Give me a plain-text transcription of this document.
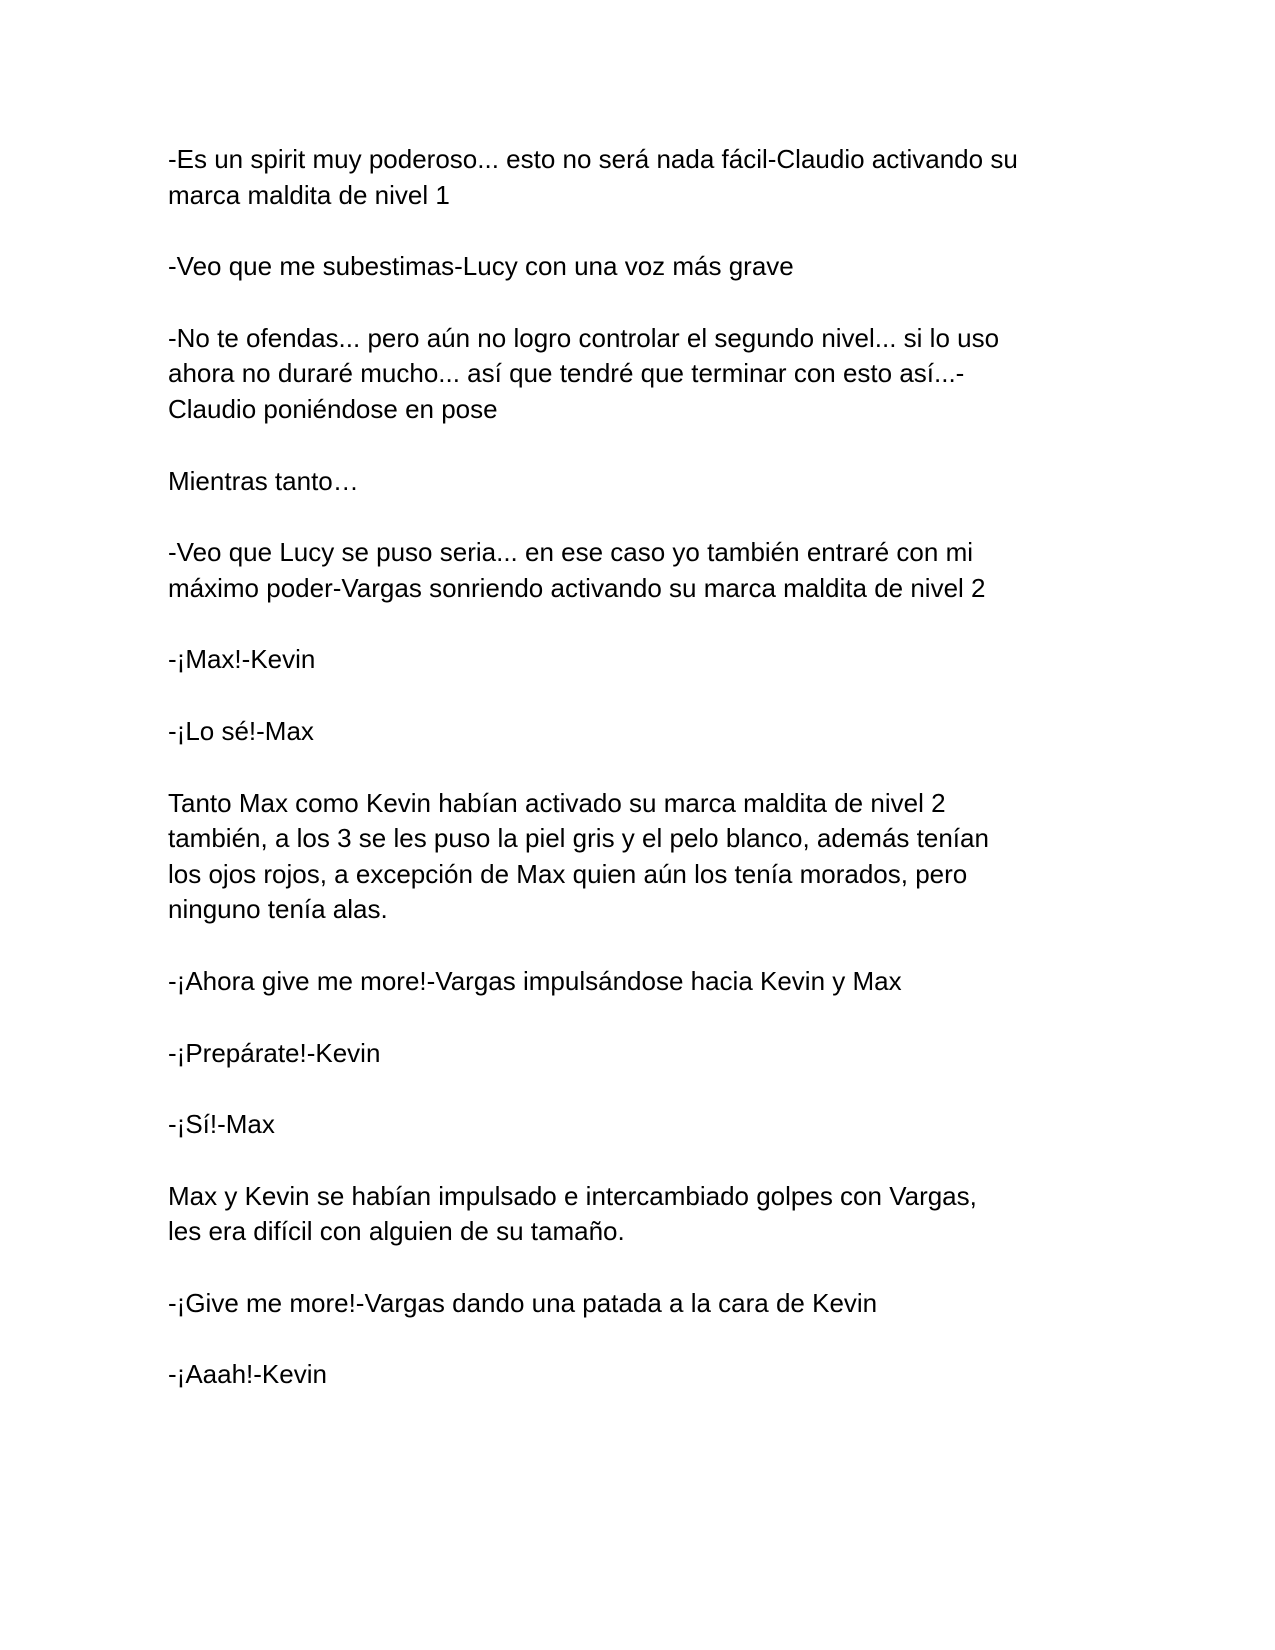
-Es un spirit muy poderoso... esto no será nada fácil-Claudio activando su
marca maldita de nivel 1

-Veo que me subestimas-Lucy con una voz más grave

-No te ofendas... pero aún no logro controlar el segundo nivel... si lo uso
ahora no duraré mucho... así que tendré que terminar con esto así...-
Claudio poniéndose en pose

Mientras tanto…

-Veo que Lucy se puso seria... en ese caso yo también entraré con mi
máximo poder-Vargas sonriendo activando su marca maldita de nivel 2

-¡Max!-Kevin

-¡Lo sé!-Max

Tanto Max como Kevin habían activado su marca maldita de nivel 2
también, a los 3 se les puso la piel gris y el pelo blanco, además tenían
los ojos rojos, a excepción de Max quien aún los tenía morados, pero
ninguno tenía alas.

-¡Ahora give me more!-Vargas impulsándose hacia Kevin y Max

-¡Prepárate!-Kevin

-¡Sí!-Max

Max y Kevin se habían impulsado e intercambiado golpes con Vargas,
les era difícil con alguien de su tamaño.

-¡Give me more!-Vargas dando una patada a la cara de Kevin

-¡Aaah!-Kevin
